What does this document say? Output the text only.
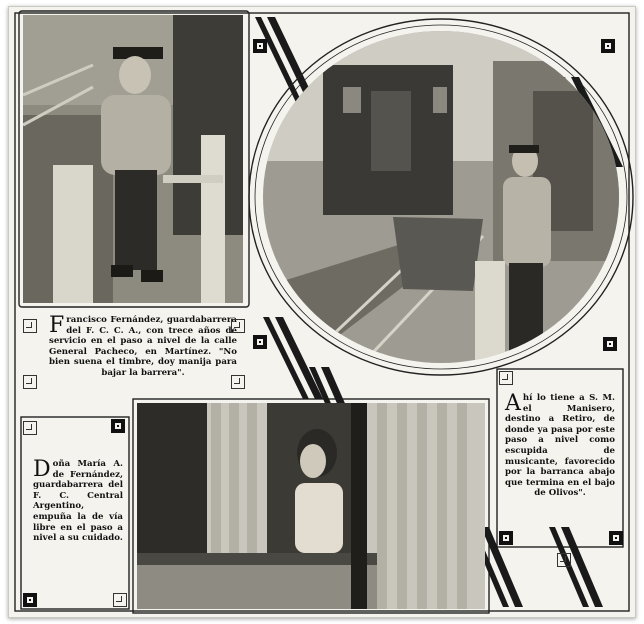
F rancisco Fernández, guardabarrera del F. C. C. A., con trece años de servicio en el paso a nivel de la calle General Pacheco, en Martínez. "No bien suena el timbre, doy manija para bajar la barrera".
D oña María A. de Fernández, guardabarrera del F. C. Central Argentino, empuña la de vía libre en el paso a nivel a su cuidado.
A hí lo tiene a S. M. el Manisero, destino a Retiro, de donde ya pasa por este paso a nivel como escupida de musicante, favorecido por la barranca abajo que termina en el bajo de Olivos".
